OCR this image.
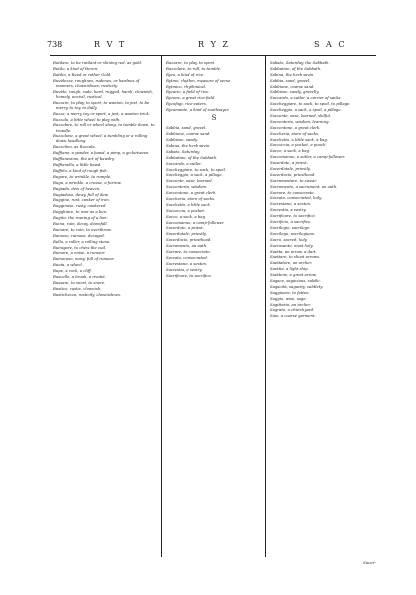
738	R V T	R Y Z	S A C
Rutilare, to be rutilant or shining red, as gold.
Rutilo, a kind of Heron.
Rutilio, a Reed or rather Gold.
Ruvidezza, roughnes, rudenes, or hardnes of manners, clownishnes, rusticity.
Ruvido, rough, rude, hard, rugged, harsh, clownish, homely, uncivil, rustical.
Ruzzare, to play, to sport, to wanton, to jest, to be merry, to toy, to dally.
Ruzza, a merry toy or sport, a jest, a wanton trick.
Ruzzola, a little wheel to play with.
Ruzzolare, to roll or wheel along, to tumble down, to trundle.
Ruzzolone, a great wheel, a tumbling or a rolling down headlong.
Ruzzolino, as Ruzzola.
Ruffiano, a pander, a bawd, a pimp, a go-between.
Ruffianesimo, the art of bawdry.
Ruffianella, a little bawd.
Ruffolo, a kind of rough fish.
Rugare, to wrinkle, to rumple.
Ruga, a wrinkle, a crease, a furrow.
Rugiada, dew of heaven.
Rugiadoso, dewy, full of dew.
Ruggine, rust, canker of iron.
Rugginoso, rusty, cankered.
Rugghiare, to roar as a lion.
Rugito, the roaring of a lion.
Ruina, ruin, decay, downfall.
Ruinare, to ruin, to overthrow.
Ruinoso, ruinous, decayed.
Rullo, a roller, a rolling stone.
Rumigare, to chew the cud.
Rumore, a noise, a rumour.
Rumoroso, noisy, full of rumour.
Ruota, a wheel.
Rupe, a rock, a cliff.
Ruscello, a brook, a rivulet.
Russare, to snort, to snore.
Rustico, rustic, clownish.
Rustichezza, rusticity, clownishnes.
Ruzzare, to play, to sport.
Ruzzolare, to roll, to tumble.
Ryzo, a kind of rice.
Rytmo, rhythm, measure of verse.
Rytmico, rhythmical.
Ryzario, a field of rice.
Ryzone, a great rice-field.
Ryzofagi, rice-eaters.
Ryzomante, a kind of soothsayer.
S
Sabbia, sand, gravel.
Sabbione, coarse sand.
Sabbioso, sandy.
Sabina, the herb savin.
Sabato, Saturday.
Sabbatino, of the Sabbath.
Saccardo, a sutler.
Saccheggiare, to sack, to spoil.
Saccheggio, a sack, a pillage.
Saccente, wise, learned.
Saccenteria, wisdom.
Saccentone, a great clerk.
Saccheria, store of sacks.
Sacchetto, a little sack.
Saccoccia, a pocket.
Sacco, a sack, a bag.
Saccomanno, a camp-follower.
Sacerdote, a priest.
Sacerdotale, priestly.
Sacerdozio, priesthood.
Sacramento, an oath.
Sacrare, to consecrate.
Sacrato, consecrated.
Sacrestano, a sexton.
Sacrestia, a vestry.
Sacrificare, to sacrifice.
Sabato, Saturday, the Sabbath.
Sabbatino, of the Sabbath.
Sabina, the herb savin.
Sabbia, sand, gravel.
Sabbione, coarse sand.
Sabbioso, sandy, gravelly.
Saccardo, a sutler, a carrier of sacks.
Saccheggiare, to sack, to spoil, to pillage.
Saccheggio, a sack, a spoil, a pillage.
Saccente, wise, learned, skilful.
Saccenteria, wisdom, learning.
Saccentone, a great clerk.
Saccheria, store of sacks.
Sacchetto, a little sack, a bag.
Saccoccia, a pocket, a pouch.
Sacco, a sack, a bag.
Saccomanno, a sutler, a camp-follower.
Sacerdote, a priest.
Sacerdotale, priestly.
Sacerdozio, priesthood.
Sacramentare, to swear.
Sacramento, a sacrament, an oath.
Sacrare, to consecrate.
Sacrato, consecrated, holy.
Sacrestano, a sexton.
Sacrestia, a vestry.
Sacrificare, to sacrifice.
Sacrificio, a sacrifice.
Sacrilegio, sacrilege.
Sacrilego, sacrilegious.
Sacro, sacred, holy.
Sacrosanto, most holy.
Saetta, an arrow, a dart.
Saettare, to shoot arrows.
Saettatore, an archer.
Saettia, a light ship.
Saettone, a great arrow.
Sagace, sagacious, subtle.
Sagacità, sagacity, subtlety.
Sagginare, to fatten.
Saggio, wise, sage.
Sagittario, an archer.
Sagrato, a churchyard.
Saio, a coarse garment.
Sacer-
